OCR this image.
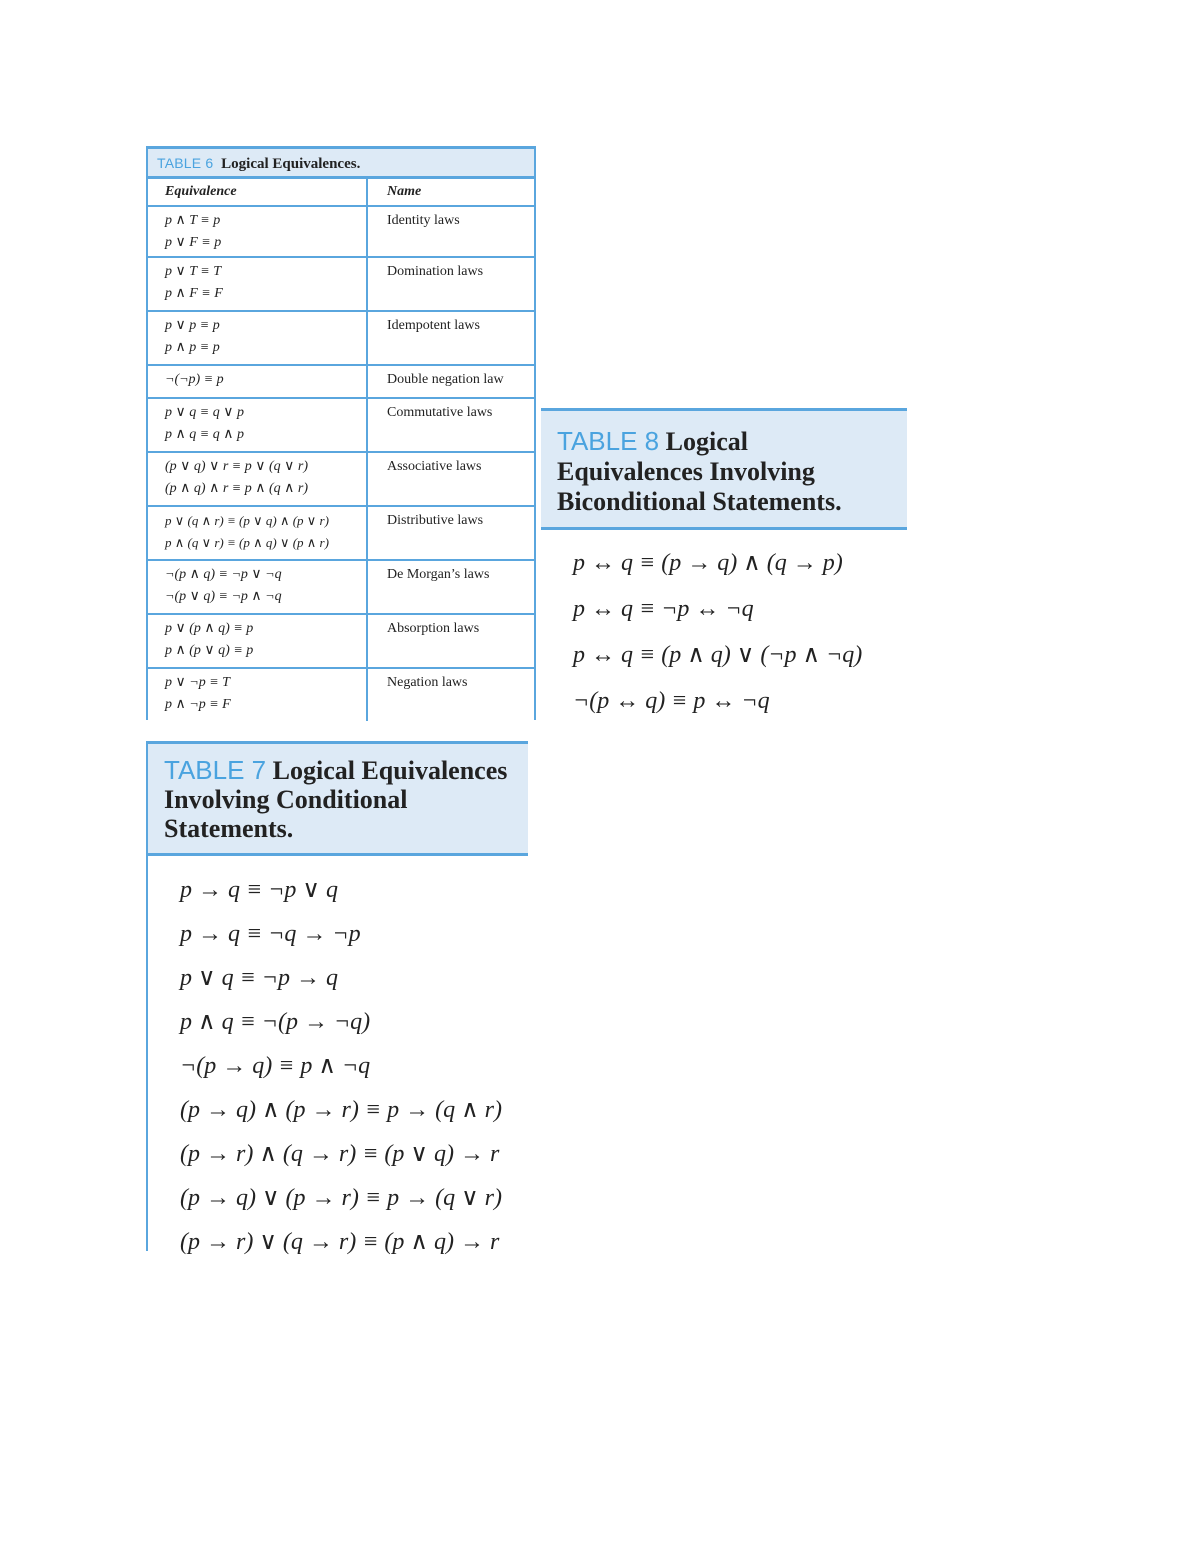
TABLE 6 Logical Equivalences.
Equivalence	Name
p ∧ T ≡ p
p ∨ F ≡ p
Identity laws
p ∨ T ≡ T
p ∧ F ≡ F
Domination laws
p ∨ p ≡ p
p ∧ p ≡ p
Idempotent laws
¬(¬p) ≡ p	Double negation law
p ∨ q ≡ q ∨ p
p ∧ q ≡ q ∧ p
Commutative laws
(p ∨ q) ∨ r ≡ p ∨ (q ∨ r)
(p ∧ q) ∧ r ≡ p ∧ (q ∧ r)
Associative laws
p ∨ (q ∧ r) ≡ (p ∨ q) ∧ (p ∨ r)
p ∧ (q ∨ r) ≡ (p ∧ q) ∨ (p ∧ r)
Distributive laws
¬(p ∧ q) ≡ ¬p ∨ ¬q
¬(p ∨ q) ≡ ¬p ∧ ¬q
De Morgan’s laws
p ∨ (p ∧ q) ≡ p
p ∧ (p ∨ q) ≡ p
Absorption laws
p ∨ ¬p ≡ T
p ∧ ¬p ≡ F
Negation laws
TABLE 8 Logical
Equivalences Involving
Biconditional Statements.
p ↔ q ≡ (p → q) ∧ (q → p)
p ↔ q ≡ ¬p ↔ ¬q
p ↔ q ≡ (p ∧ q) ∨ (¬p ∧ ¬q)
¬(p ↔ q) ≡ p ↔ ¬q
TABLE 7 Logical Equivalences
Involving Conditional
Statements.
p → q ≡ ¬p ∨ q
p → q ≡ ¬q → ¬p
p ∨ q ≡ ¬p → q
p ∧ q ≡ ¬(p → ¬q)
¬(p → q) ≡ p ∧ ¬q
(p → q) ∧ (p → r) ≡ p → (q ∧ r)
(p → r) ∧ (q → r) ≡ (p ∨ q) → r
(p → q) ∨ (p → r) ≡ p → (q ∨ r)
(p → r) ∨ (q → r) ≡ (p ∧ q) → r
